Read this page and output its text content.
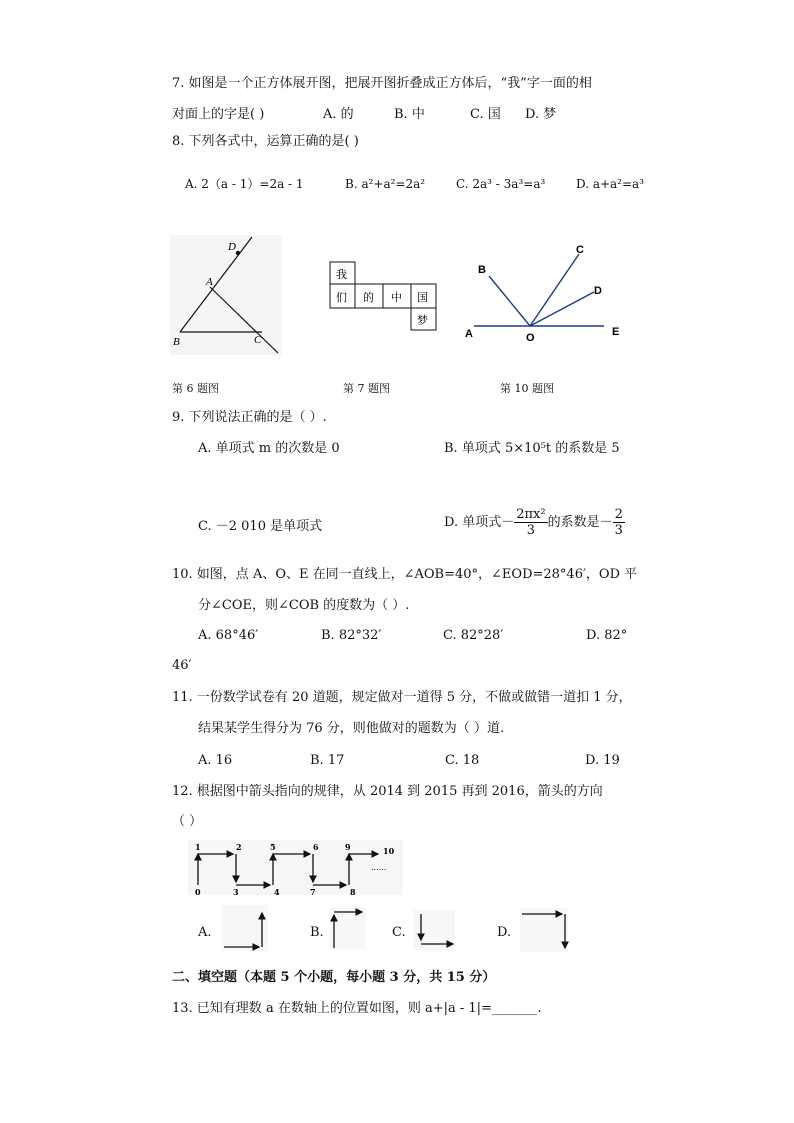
7. 如图是一个正方体展开图，把展开图折叠成正方体后，“我”字一面的相
对面上的字是( )	A. 的	B. 中	C. 国 D. 梦
8. 下列各式中，运算正确的是( )
A. 2（a - 1）=2a - 1	B. a²+a²=2a²	C. 2a³ - 3a³=a³	D. a+a²=a³
D
A
B	C
我
们 的 中 国
梦
B
C
D
A	O	E
第 6 题图	第 7 题图	第 10 题图
9. 下列说法正确的是（ ）.
A. 单项式 m 的次数是 0	B. 单项式 5×10⁵t 的系数是 5
C. －2 010 是单项式	D. 单项式－ $\frac{\text{2πx²}}{3}$ 的系数是－ $\frac{2}{3}$
10. 如图，点 A、O、E 在同一直线上，∠AOB=40°，∠EOD=28°46′，OD 平
分∠COE，则∠COB 的度数为（ ）.
A. 68°46′	B. 82°32′	C. 82°28′	D. 82°
46′
11. 一份数学试卷有 20 道题，规定做对一道得 5 分，不做或做错一道扣 1 分，
结果某学生得分为 76 分，则他做对的题数为（ ）道.
A. 16	B. 17	C. 18	D. 19
12. 根据图中箭头指向的规律，从 2014 到 2015 再到 2016，箭头的方向
（ ）
1	2	5	6	9	10
0	3	4	7	8
......
A.	B.	C.	D.
二、填空题（本题 5 个小题，每小题 3 分，共 15 分）
13. 已知有理数 a 在数轴上的位置如图，则 a+|a - 1|=_______.
